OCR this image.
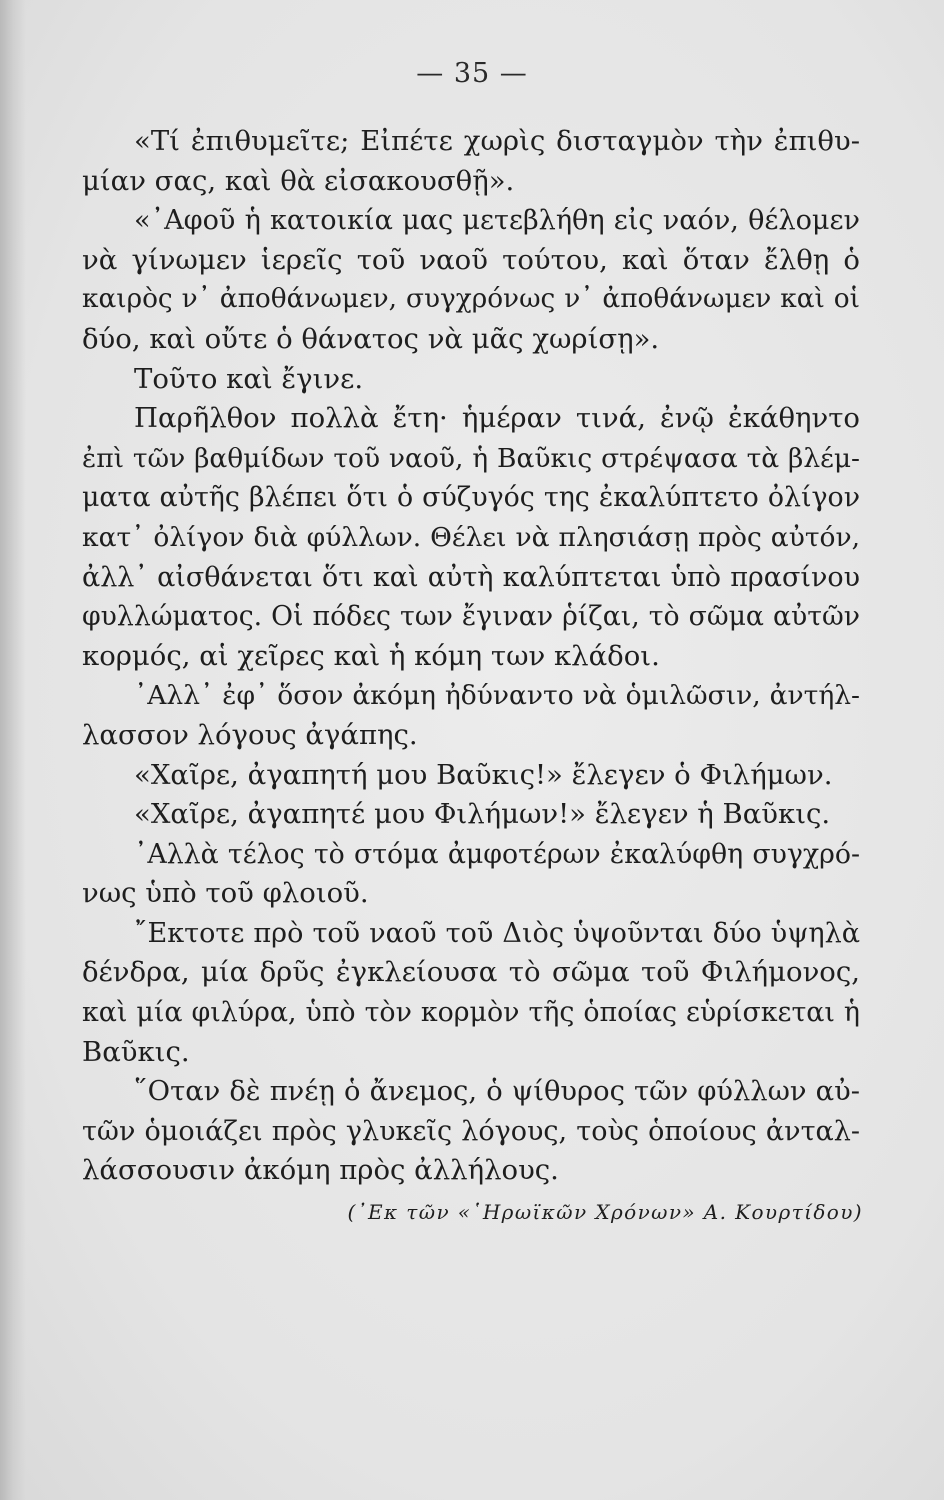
— 35 —
«Τί ἐπιθυμεῖτε; Εἰπέτε χωρὶς δισταγμὸν τὴν ἐπιθυ-
μίαν σας, καὶ θὰ εἰσακουσθῇ».
«᾿Αφοῦ ἡ κατοικία μας μετεβλήθη εἰς ναόν, θέλομεν
νὰ γίνωμεν ἱερεῖς τοῦ ναοῦ τούτου, καὶ ὅταν ἔλθῃ ὁ
καιρὸς ν᾿ ἀποθάνωμεν, συγχρόνως ν᾿ ἀποθάνωμεν καὶ οἱ
δύο, καὶ οὔτε ὁ θάνατος νὰ μᾶς χωρίσῃ».
Τοῦτο καὶ ἔγινε.
Παρῆλθον πολλὰ ἔτη· ἡμέραν τινά, ἐνῷ ἐκάθηντο
ἐπὶ τῶν βαθμίδων τοῦ ναοῦ, ἡ Βαῦκις στρέψασα τὰ βλέμ-
ματα αὐτῆς βλέπει ὅτι ὁ σύζυγός της ἐκαλύπτετο ὀλίγον
κατ᾿ ὀλίγον διὰ φύλλων. Θέλει νὰ πλησιάσῃ πρὸς αὐτόν,
ἀλλ᾿ αἰσθάνεται ὅτι καὶ αὐτὴ καλύπτεται ὑπὸ πρασίνου
φυλλώματος. Οἱ πόδες των ἔγιναν ῥίζαι, τὸ σῶμα αὐτῶν
κορμός, αἱ χεῖρες καὶ ἡ κόμη των κλάδοι.
᾿Αλλ᾿ ἐφ᾿ ὅσον ἀκόμη ἠδύναντο νὰ ὁμιλῶσιν, ἀντήλ-
λασσον λόγους ἀγάπης.
«Χαῖρε, ἀγαπητή μου Βαῦκις!» ἔλεγεν ὁ Φιλήμων.
«Χαῖρε, ἀγαπητέ μου Φιλήμων!» ἔλεγεν ἡ Βαῦκις.
᾿Αλλὰ τέλος τὸ στόμα ἀμφοτέρων ἐκαλύφθη συγχρό-
νως ὑπὸ τοῦ φλοιοῦ.
῎Εκτοτε πρὸ τοῦ ναοῦ τοῦ Διὸς ὑψοῦνται δύο ὑψηλὰ
δένδρα, μία δρῦς ἐγκλείουσα τὸ σῶμα τοῦ Φιλήμονος,
καὶ μία φιλύρα, ὑπὸ τὸν κορμὸν τῆς ὁποίας εὑρίσκεται ἡ
Βαῦκις.
῞Οταν δὲ πνέῃ ὁ ἄνεμος, ὁ ψίθυρος τῶν φύλλων αὐ-
τῶν ὁμοιάζει πρὸς γλυκεῖς λόγους, τοὺς ὁποίους ἀνταλ-
λάσσουσιν ἀκόμη πρὸς ἀλλήλους.
(᾿Εκ τῶν «῾Ηρωϊκῶν Χρόνων» Α. Κουρτίδου)
